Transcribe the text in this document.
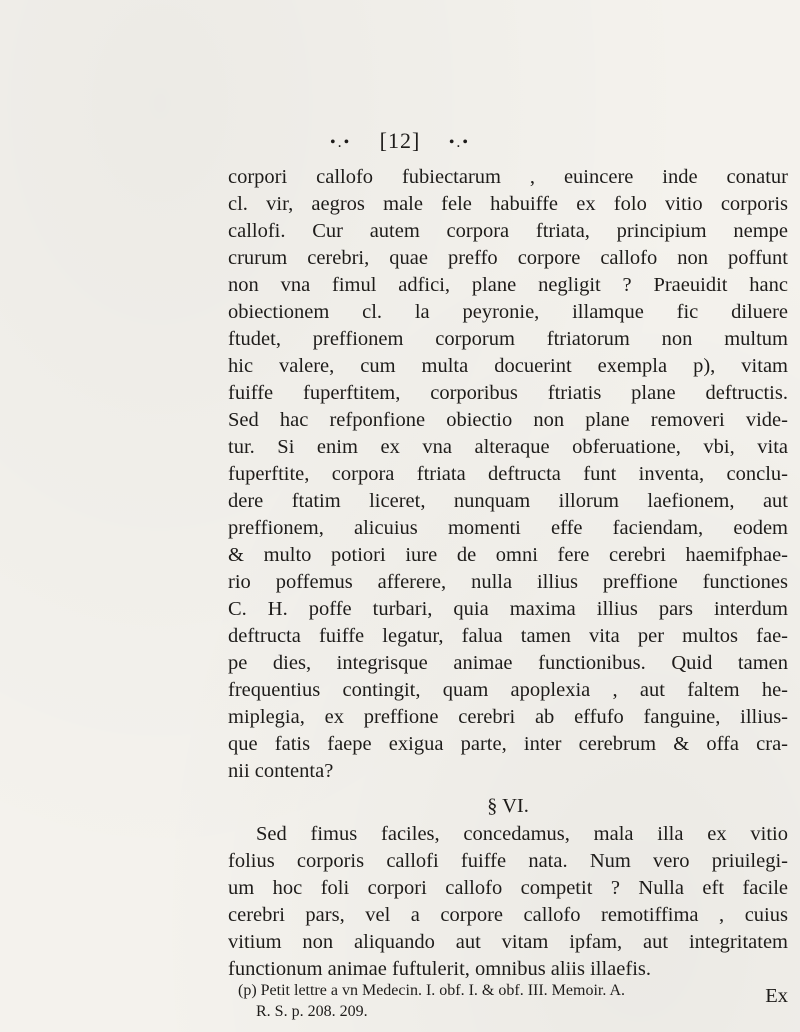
•.• [12] •.•
corpori callofo fubiectarum , euincere inde conatur
cl. vir, aegros male fele habuiffe ex folo vitio corporis
callofi. Cur autem corpora ftriata, principium nempe
crurum cerebri, quae preffo corpore callofo non poffunt
non vna fimul adfici, plane negligit ? Praeuidit hanc
obiectionem cl. la peyronie, illamque fic diluere
ftudet, preffionem corporum ftriatorum non multum
hic valere, cum multa docuerint exempla p), vitam
fuiffe fuperftitem, corporibus ftriatis plane deftructis.
Sed hac refponfione obiectio non plane removeri vide-
tur. Si enim ex vna alteraque obferuatione, vbi, vita
fuperftite, corpora ftriata deftructa funt inventa, conclu-
dere ftatim liceret, nunquam illorum laefionem, aut
preffionem, alicuius momenti effe faciendam, eodem
& multo potiori iure de omni fere cerebri haemifphae-
rio poffemus afferere, nulla illius preffione functiones
C. H. poffe turbari, quia maxima illius pars interdum
deftructa fuiffe legatur, falua tamen vita per multos fae-
pe dies, integrisque animae functionibus. Quid tamen
frequentius contingit, quam apoplexia , aut faltem he-
miplegia, ex preffione cerebri ab effufo fanguine, illius-
que fatis faepe exigua parte, inter cerebrum & offa cra-
nii contenta?
§ VI.
Sed fimus faciles, concedamus, mala illa ex vitio
folius corporis callofi fuiffe nata. Num vero priuilegi-
um hoc foli corpori callofo competit ? Nulla eft facile
cerebri pars, vel a corpore callofo remotiffima , cuius
vitium non aliquando aut vitam ipfam, aut integritatem
functionum animae fuftulerit, omnibus aliis illaefis.
Ex
(p) Petit lettre a vn Medecin. I. obf. I. & obf. III. Memoir. A.
R. S. p. 208. 209.
